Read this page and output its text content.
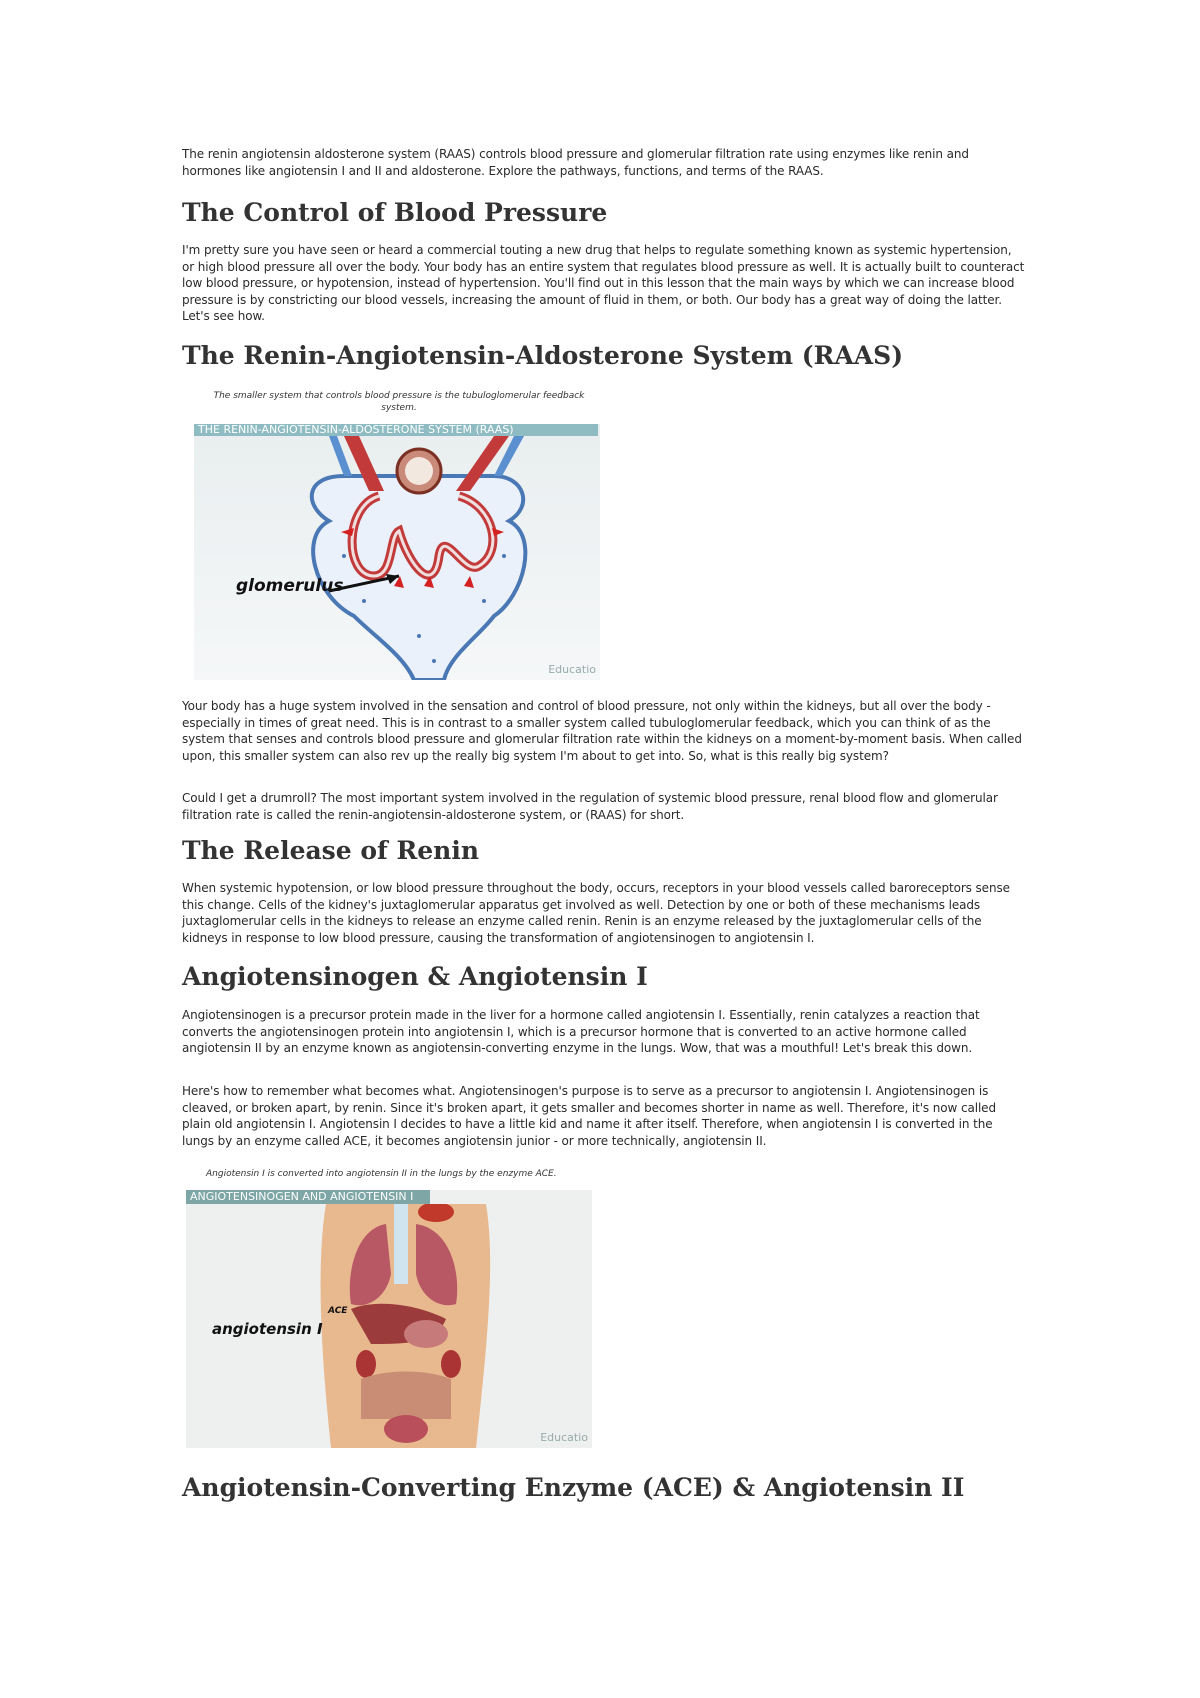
The renin angiotensin aldosterone system (RAAS) controls blood pressure and glomerular filtration rate using enzymes like renin and hormones like angiotensin I and II and aldosterone. Explore the pathways, functions, and terms of the RAAS.

The Control of Blood Pressure

I'm pretty sure you have seen or heard a commercial touting a new drug that helps to regulate something known as systemic hypertension, or high blood pressure all over the body. Your body has an entire system that regulates blood pressure as well. It is actually built to counteract low blood pressure, or hypotension, instead of hypertension. You'll find out in this lesson that the main ways by which we can increase blood pressure is by constricting our blood vessels, increasing the amount of fluid in them, or both. Our body has a great way of doing the latter. Let's see how.

The Renin-Angiotensin-Aldosterone System (RAAS)
The smaller system that controls blood pressure is the tubuloglomerular feedback system.
THE RENIN-ANGIOTENSIN-ALDOSTERONE SYSTEM (RAAS)
glomerulus
Educatio

Your body has a huge system involved in the sensation and control of blood pressure, not only within the kidneys, but all over the body - especially in times of great need. This is in contrast to a smaller system called tubuloglomerular feedback, which you can think of as the system that senses and controls blood pressure and glomerular filtration rate within the kidneys on a moment-by-moment basis. When called upon, this smaller system can also rev up the really big system I'm about to get into. So, what is this really big system?

Could I get a drumroll? The most important system involved in the regulation of systemic blood pressure, renal blood flow and glomerular filtration rate is called the renin-angiotensin-aldosterone system, or (RAAS) for short.

The Release of Renin

When systemic hypotension, or low blood pressure throughout the body, occurs, receptors in your blood vessels called baroreceptors sense this change. Cells of the kidney's juxtaglomerular apparatus get involved as well. Detection by one or both of these mechanisms leads juxtaglomerular cells in the kidneys to release an enzyme called renin. Renin is an enzyme released by the juxtaglomerular cells of the kidneys in response to low blood pressure, causing the transformation of angiotensinogen to angiotensin I.

Angiotensinogen & Angiotensin I

Angiotensinogen is a precursor protein made in the liver for a hormone called angiotensin I. Essentially, renin catalyzes a reaction that converts the angiotensinogen protein into angiotensin I, which is a precursor hormone that is converted to an active hormone called angiotensin II by an enzyme known as angiotensin-converting enzyme in the lungs. Wow, that was a mouthful! Let's break this down.

Here's how to remember what becomes what. Angiotensinogen's purpose is to serve as a precursor to angiotensin I. Angiotensinogen is cleaved, or broken apart, by renin. Since it's broken apart, it gets smaller and becomes shorter in name as well. Therefore, it's now called plain old angiotensin I. Angiotensin I decides to have a little kid and name it after itself. Therefore, when angiotensin I is converted in the lungs by an enzyme called ACE, it becomes angiotensin junior - or more technically, angiotensin II.

Angiotensin I is converted into angiotensin II in the lungs by the enzyme ACE.
ANGIOTENSINOGEN AND ANGIOTENSIN I
ACE
angiotensin I
Educatio
Angiotensin-Converting Enzyme (ACE) & Angiotensin II
